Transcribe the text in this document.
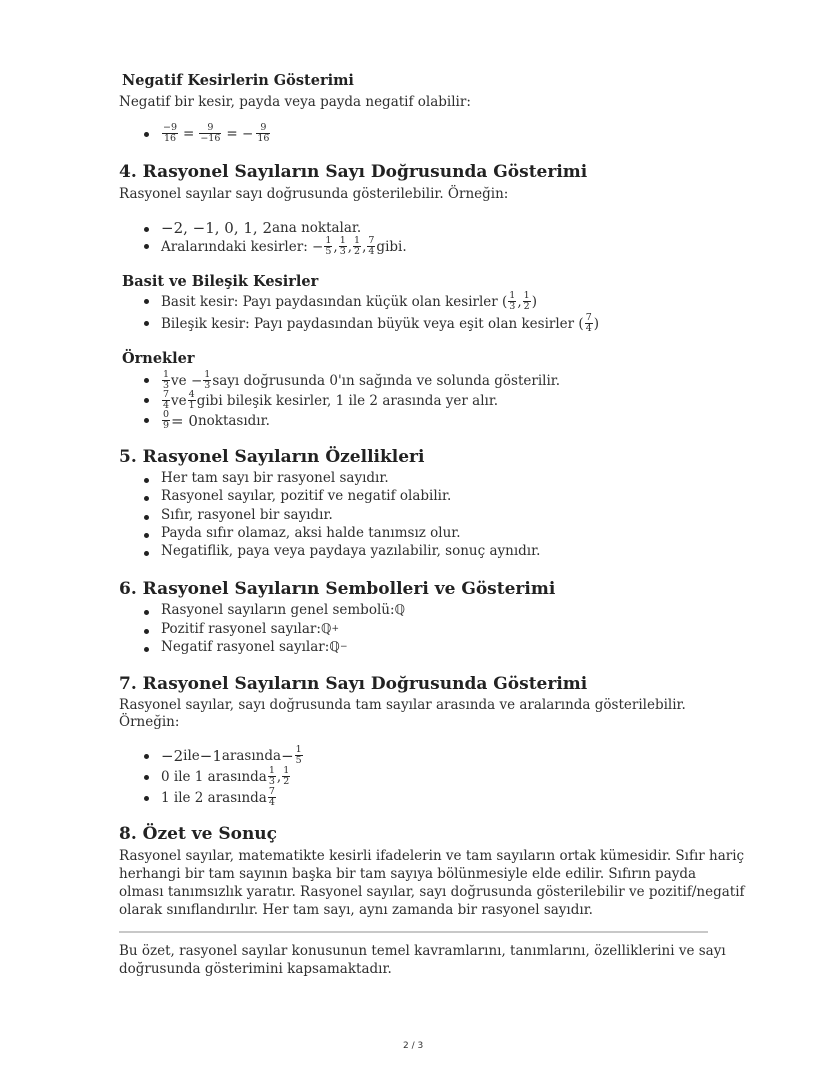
Negatif Kesirlerin Gösterimi
Negatif bir kesir, payda veya payda negatif olabilir:
$\frac{-9}{16} = \frac{9}{-16}$ = − $\frac{9}{16}$
4. Rasyonel Sayıların Sayı Doğrusunda Gösterimi
Rasyonel sayılar sayı doğrusunda gösterilebilir. Örneğin:
−2, −1, 0, 1, 2 ana noktalar.
Aralarındaki kesirler: − $\frac{1}{5}$ , $\frac{1}{3}$ , $\frac{1}{2}$ , $\frac{7}{4}$ gibi.
Basit ve Bileşik Kesirler
Basit kesir: Payı paydasından küçük olan kesirler ( $\frac{1}{3}$ , $\frac{1}{2}$ )
Bileşik kesir: Payı paydasından büyük veya eşit olan kesirler ( $\frac{7}{4}$ )
Örnekler
$\frac{1}{3}$ ve − $\frac{1}{3}$ sayı doğrusunda 0'ın sağında ve solunda gösterilir.
$\frac{7}{4}$ ve $\frac{4}{1}$ gibi bileşik kesirler, 1 ile 2 arasında yer alır.
$\frac{0}{9} = 0$ noktasıdır.
5. Rasyonel Sayıların Özellikleri
Her tam sayı bir rasyonel sayıdır.
Rasyonel sayılar, pozitif ve negatif olabilir.
Sıfır, rasyonel bir sayıdır.
Payda sıfır olamaz, aksi halde tanımsız olur.
Negatiflik, paya veya paydaya yazılabilir, sonuç aynıdır.
6. Rasyonel Sayıların Sembolleri ve Gösterimi
Rasyonel sayıların genel sembolü: ℚ
Pozitif rasyonel sayılar: ℚ +
Negatif rasyonel sayılar: ℚ −
7. Rasyonel Sayıların Sayı Doğrusunda Gösterimi
Rasyonel sayılar, sayı doğrusunda tam sayılar arasında ve aralarında gösterilebilir.
Örneğin:
−2 ile −1 arasında − $\frac{1}{5}$
0 ile 1 arasında $\frac{1}{3}$ , $\frac{1}{2}$
1 ile 2 arasında $\frac{7}{4}$
8. Özet ve Sonuç
Rasyonel sayılar, matematikte kesirli ifadelerin ve tam sayıların ortak kümesidir. Sıfır hariç
herhangi bir tam sayının başka bir tam sayıya bölünmesiyle elde edilir. Sıfırın payda
olması tanımsızlık yaratır. Rasyonel sayılar, sayı doğrusunda gösterilebilir ve pozitif/negatif
olarak sınıflandırılır. Her tam sayı, aynı zamanda bir rasyonel sayıdır.
Bu özet, rasyonel sayılar konusunun temel kavramlarını, tanımlarını, özelliklerini ve sayı
doğrusunda gösterimini kapsamaktadır.
2 / 3
